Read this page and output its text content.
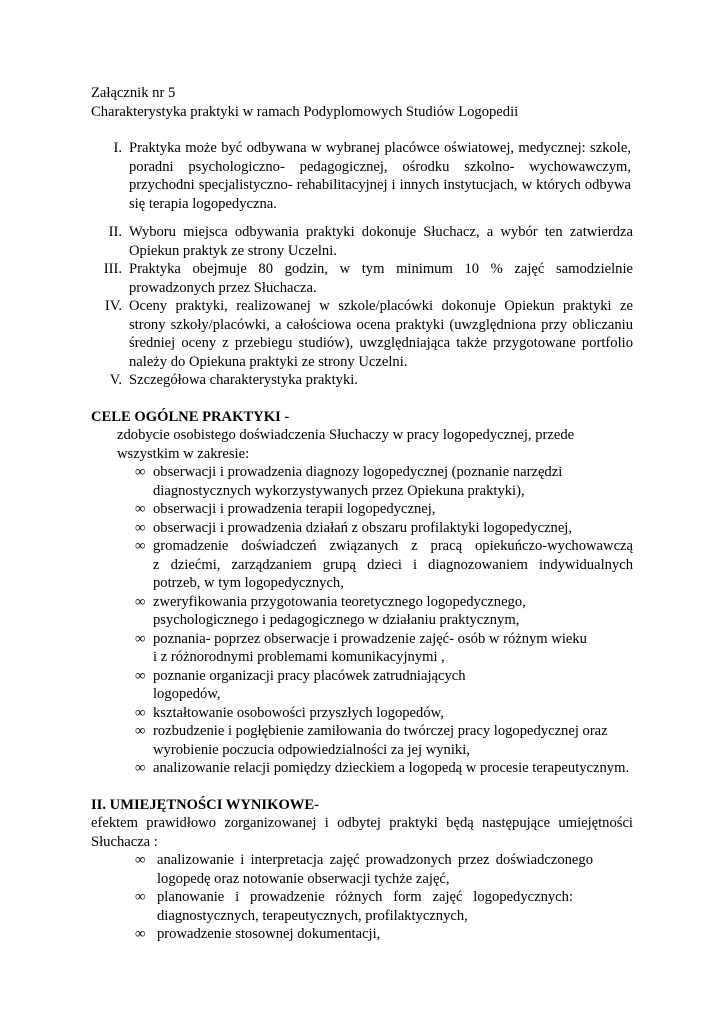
Załącznik nr 5

Charakterystyka praktyki w ramach Podyplomowych Studiów Logopedii

I. Praktyka może być odbywana w wybranej placówce oświatowej, medycznej: szkole, poradni psychologiczno- pedagogicznej, ośrodku szkolno- wychowawczym, przychodni specjalistyczno- rehabilitacyjnej i innych instytucjach, w których odbywa się terapia logopedyczna.

II. Wyboru miejsca odbywania praktyki dokonuje Słuchacz, a wybór ten zatwierdza Opiekun praktyk ze strony Uczelni.

III. Praktyka obejmuje 80 godzin, w tym minimum 10 % zajęć samodzielnie prowadzonych przez Słuchacza.

IV. Oceny praktyki, realizowanej w szkole/placówki dokonuje Opiekun praktyki ze strony szkoły/placówki, a całościowa ocena praktyki (uwzględniona przy obliczaniu średniej oceny z przebiegu studiów), uwzględniająca także przygotowane portfolio należy do Opiekuna praktyki ze strony Uczelni.

V. Szczegółowa charakterystyka praktyki.

CELE OGÓLNE PRAKTYKI -

zdobycie osobistego doświadczenia Słuchaczy w pracy logopedycznej, przede

wszystkim w zakresie:

∞ obserwacji i prowadzenia diagnozy logopedycznej (poznanie narzędzi
diagnostycznych wykorzystywanych przez Opiekuna praktyki),
∞ obserwacji i prowadzenia terapii logopedycznej,
∞ obserwacji i prowadzenia działań z obszaru profilaktyki logopedycznej,
∞ gromadzenie doświadczeń związanych z pracą opiekuńczo-wychowawczą
z dziećmi, zarządzaniem grupą dzieci i diagnozowaniem indywidualnych
potrzeb, w tym logopedycznych,
∞ zweryfikowania przygotowania teoretycznego logopedycznego,
psychologicznego i pedagogicznego w działaniu praktycznym,
∞ poznania- poprzez obserwacje i prowadzenie zajęć- osób w różnym wieku
i z różnorodnymi problemami komunikacyjnymi ,
∞ poznanie organizacji pracy placówek zatrudniających
logopedów,
∞ kształtowanie osobowości przyszłych logopedów,
∞ rozbudzenie i pogłębienie zamiłowania do twórczej pracy logopedycznej oraz
wyrobienie poczucia odpowiedzialności za jej wyniki,
∞ analizowanie relacji pomiędzy dzieckiem a logopedą w procesie terapeutycznym.

II. UMIEJĘTNOŚCI WYNIKOWE-

efektem prawidłowo zorganizowanej i odbytej praktyki będą następujące umiejętności Słuchacza :

∞ analizowanie i interpretacja zajęć prowadzonych przez doświadczonego
logopedę oraz notowanie obserwacji tychże zajęć,
∞ planowanie i prowadzenie różnych form zajęć logopedycznych:
diagnostycznych, terapeutycznych, profilaktycznych,
∞ prowadzenie stosownej dokumentacji,
